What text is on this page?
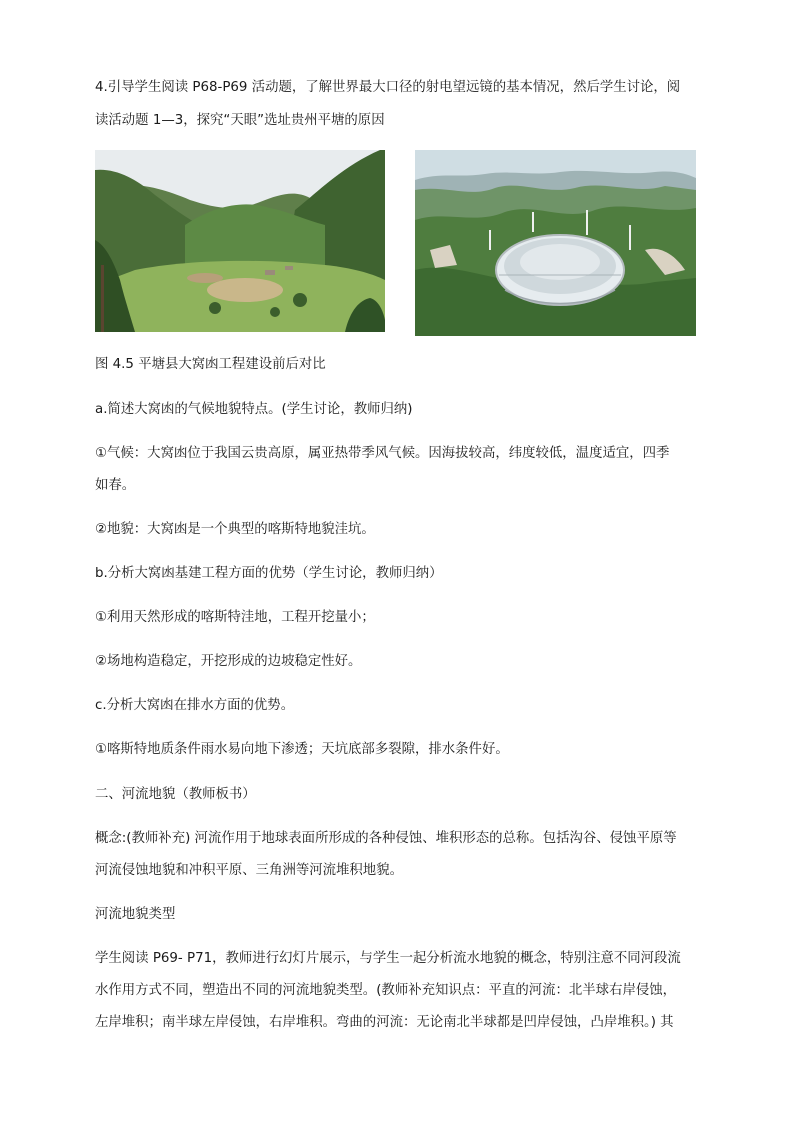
4.引导学生阅读 P68-P69 活动题，了解世界最大口径的射电望远镜的基本情况，然后学生讨论，阅

读活动题 1—3，探究“天眼”选址贵州平塘的原因

图 4.5 平塘县大窝凼工程建设前后对比

a.简述大窝凼的气候地貌特点。(学生讨论，教师归纳)

①气候：大窝凼位于我国云贵高原，属亚热带季风气候。因海拔较高，纬度较低，温度适宜，四季

如春。

②地貌：大窝凼是一个典型的喀斯特地貌洼坑。

b.分析大窝凼基建工程方面的优势（学生讨论，教师归纳）

①利用天然形成的喀斯特洼地，工程开挖量小；

②场地构造稳定，开挖形成的边坡稳定性好。

c.分析大窝凼在排水方面的优势。

①喀斯特地质条件雨水易向地下渗透；天坑底部多裂隙，排水条件好。

二、河流地貌（教师板书）

概念:(教师补充) 河流作用于地球表面所形成的各种侵蚀、堆积形态的总称。包括沟谷、侵蚀平原等

河流侵蚀地貌和冲积平原、三角洲等河流堆积地貌。

河流地貌类型

学生阅读 P69- P71，教师进行幻灯片展示，与学生一起分析流水地貌的概念，特别注意不同河段流

水作用方式不同，塑造出不同的河流地貌类型。(教师补充知识点：平直的河流：北半球右岸侵蚀，

左岸堆积；南半球左岸侵蚀，右岸堆积。弯曲的河流：无论南北半球都是凹岸侵蚀，凸岸堆积。) 其
